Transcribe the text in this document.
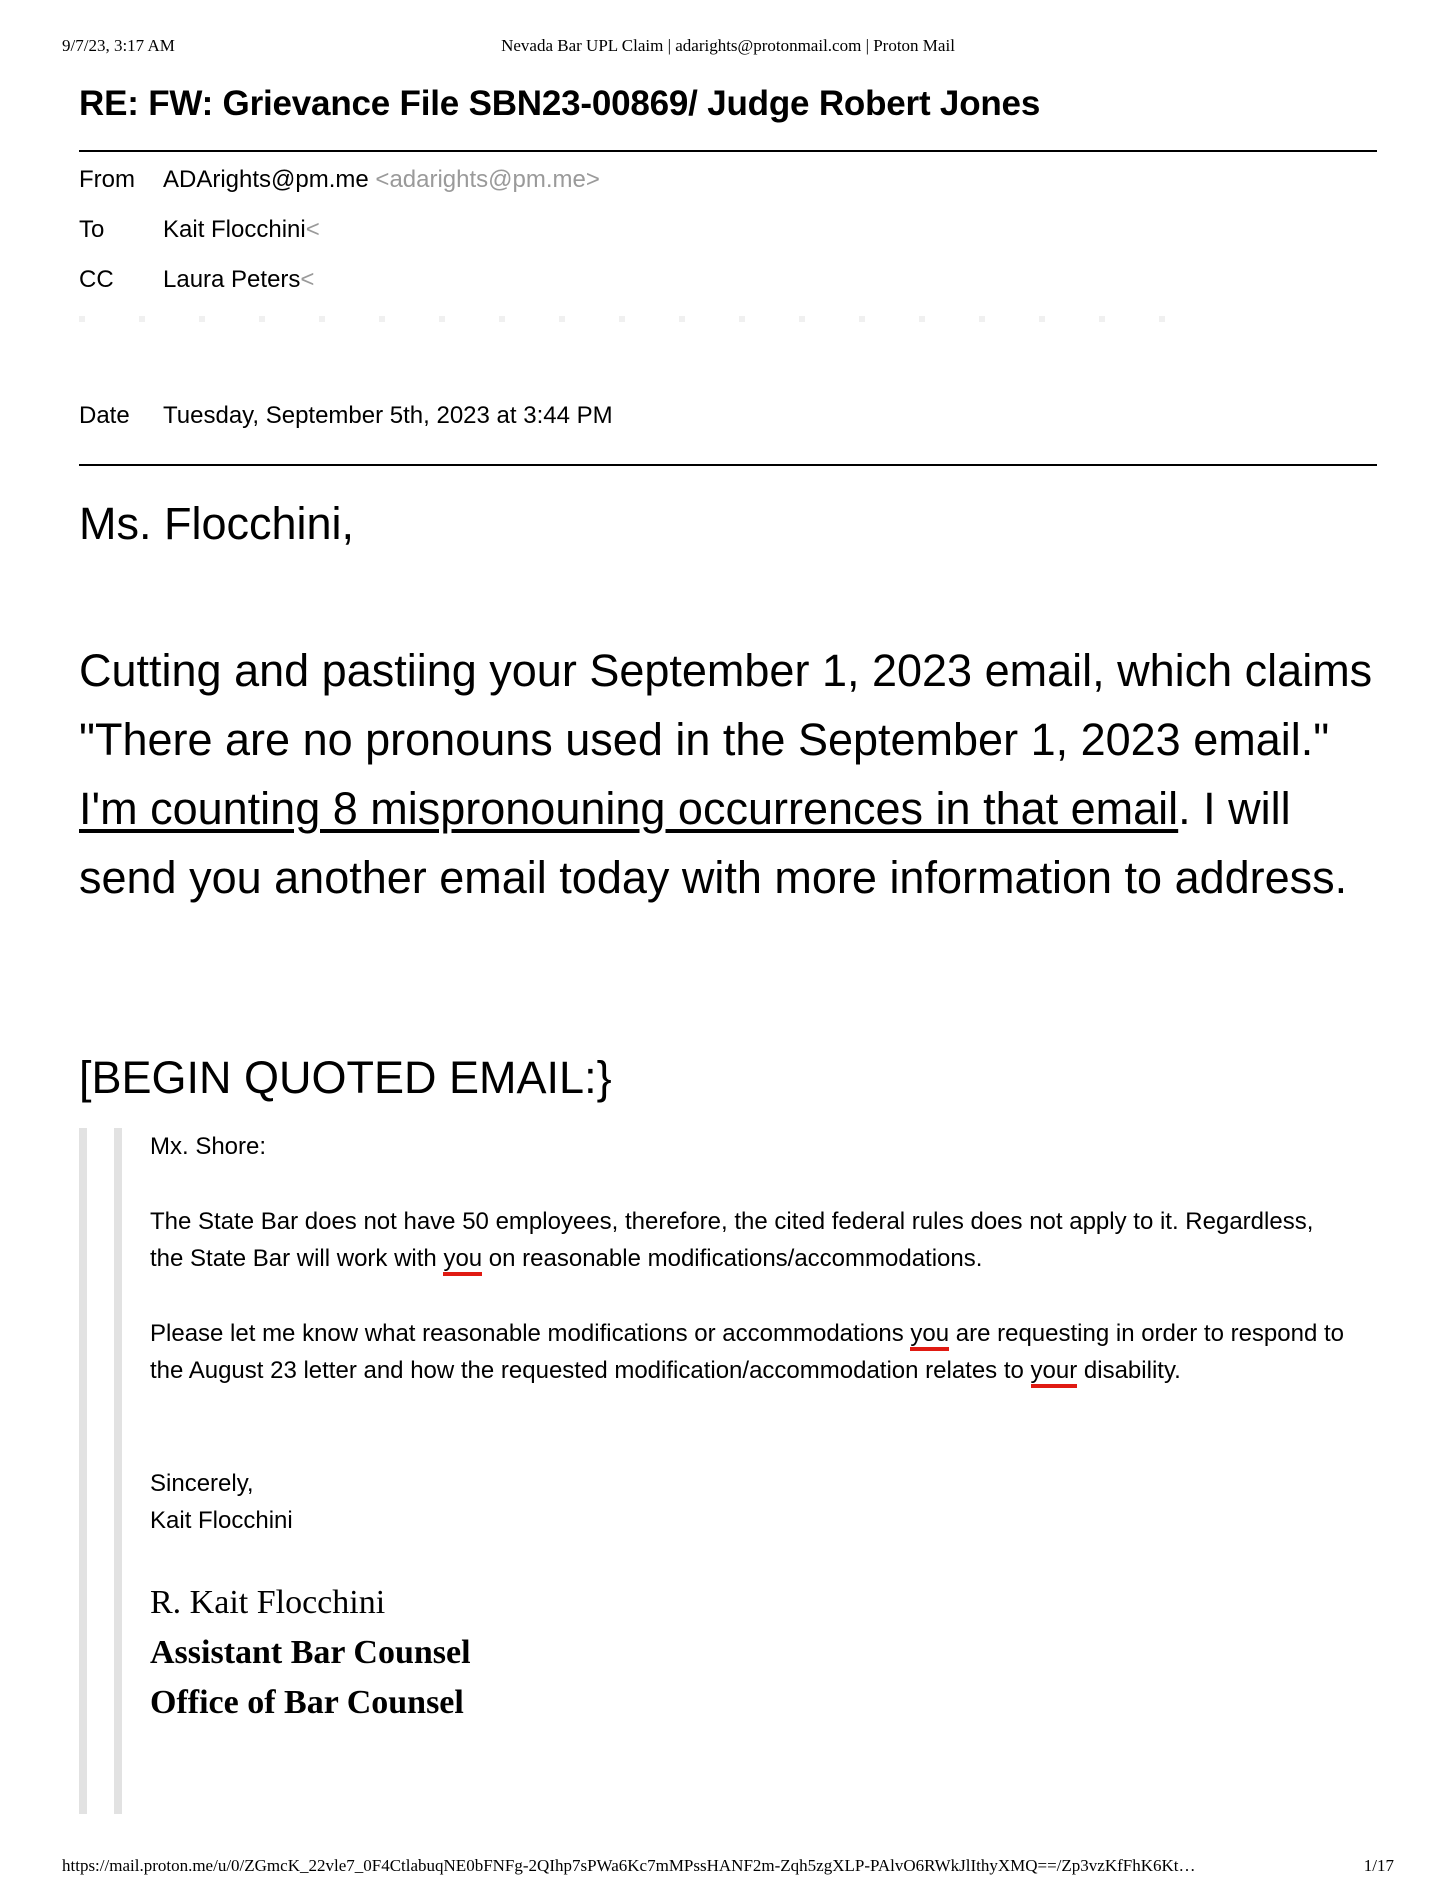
9/7/23, 3:17 AM	Nevada Bar UPL Claim | adarights@protonmail.com | Proton Mail
RE: FW: Grievance File SBN23-00869/ Judge Robert Jones
From ADArights@pm.me <adarights@pm.me>
To Kait Flocchini<
CC Laura Peters<
Date Tuesday, September 5th, 2023 at 3:44 PM
Ms. Flocchini,
Cutting and pastiing your September 1, 2023 email, which claims "There are no pronouns used in the September 1, 2023 email." I'm counting 8 mispronouning occurrences in that email. I will send you another email today with more information to address.
[BEGIN QUOTED EMAIL:}
Mx. Shore:
The State Bar does not have 50 employees, therefore, the cited federal rules does not apply to it. Regardless, the State Bar will work with you on reasonable modifications/accommodations.
Please let me know what reasonable modifications or accommodations you are requesting in order to respond to the August 23 letter and how the requested modification/accommodation relates to your disability.
Sincerely,
Kait Flocchini
R. Kait Flocchini
Assistant Bar Counsel
Office of Bar Counsel
https://mail.proton.me/u/0/ZGmcK_22vle7_0F4CtlabuqNE0bFNFg-2QIhp7sPWa6Kc7mMPssHANF2m-Zqh5zgXLP-PAlvO6RWkJlIthyXMQ==/Zp3vzKfFhK6Kt…	1/17
